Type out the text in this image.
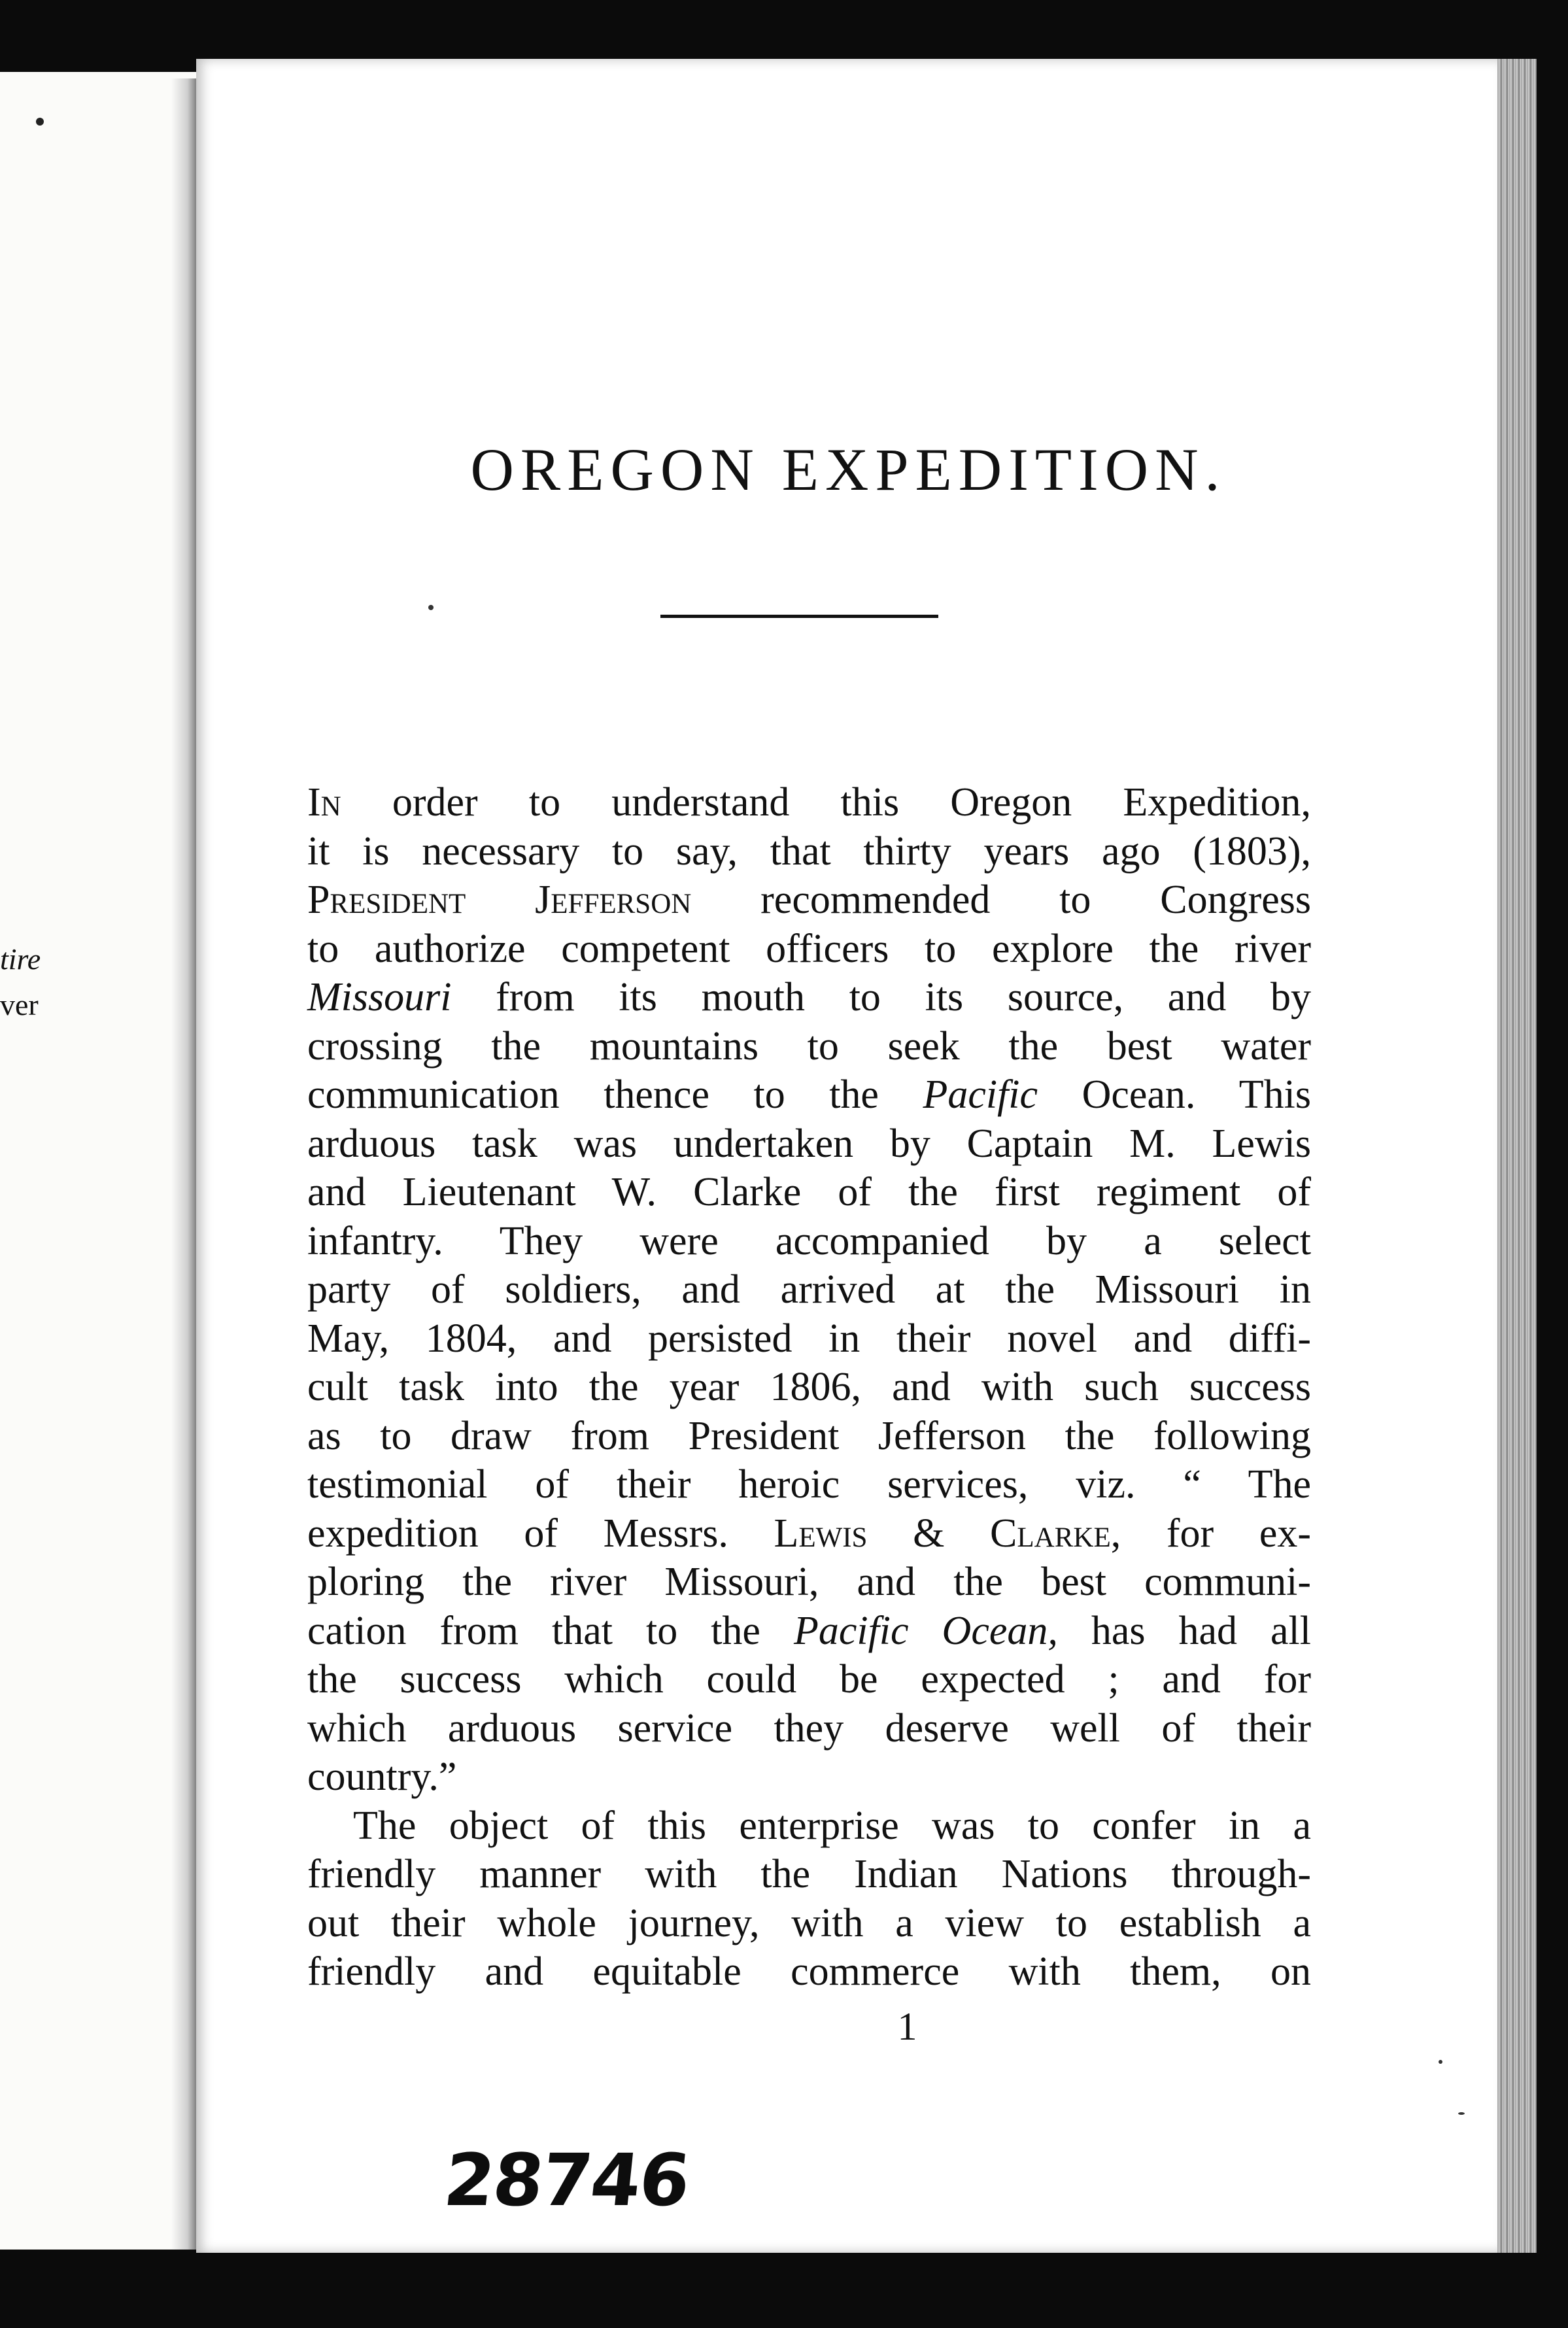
tire
ver
OREGON EXPEDITION.
In order to understand this Oregon Expedition,
it is necessary to say, that thirty years ago (1803),
President Jefferson recommended to Congress
to authorize competent officers to explore the river
Missouri from its mouth to its source, and by
crossing the mountains to seek the best water
communication thence to the Pacific Ocean. This
arduous task was undertaken by Captain M. Lewis
and Lieutenant W. Clarke of the first regiment of
infantry. They were accompanied by a select
party of soldiers, and arrived at the Missouri in
May, 1804, and persisted in their novel and diffi-
cult task into the year 1806, and with such success
as to draw from President Jefferson the following
testimonial of their heroic services, viz. “ The
expedition of Messrs. Lewis & Clarke, for ex-
ploring the river Missouri, and the best communi-
cation from that to the Pacific Ocean, has had all
the success which could be expected ; and for
which arduous service they deserve well of their
country.”
The object of this enterprise was to confer in a
friendly manner with the Indian Nations through-
out their whole journey, with a view to establish a
friendly and equitable commerce with them, on
1
28746
